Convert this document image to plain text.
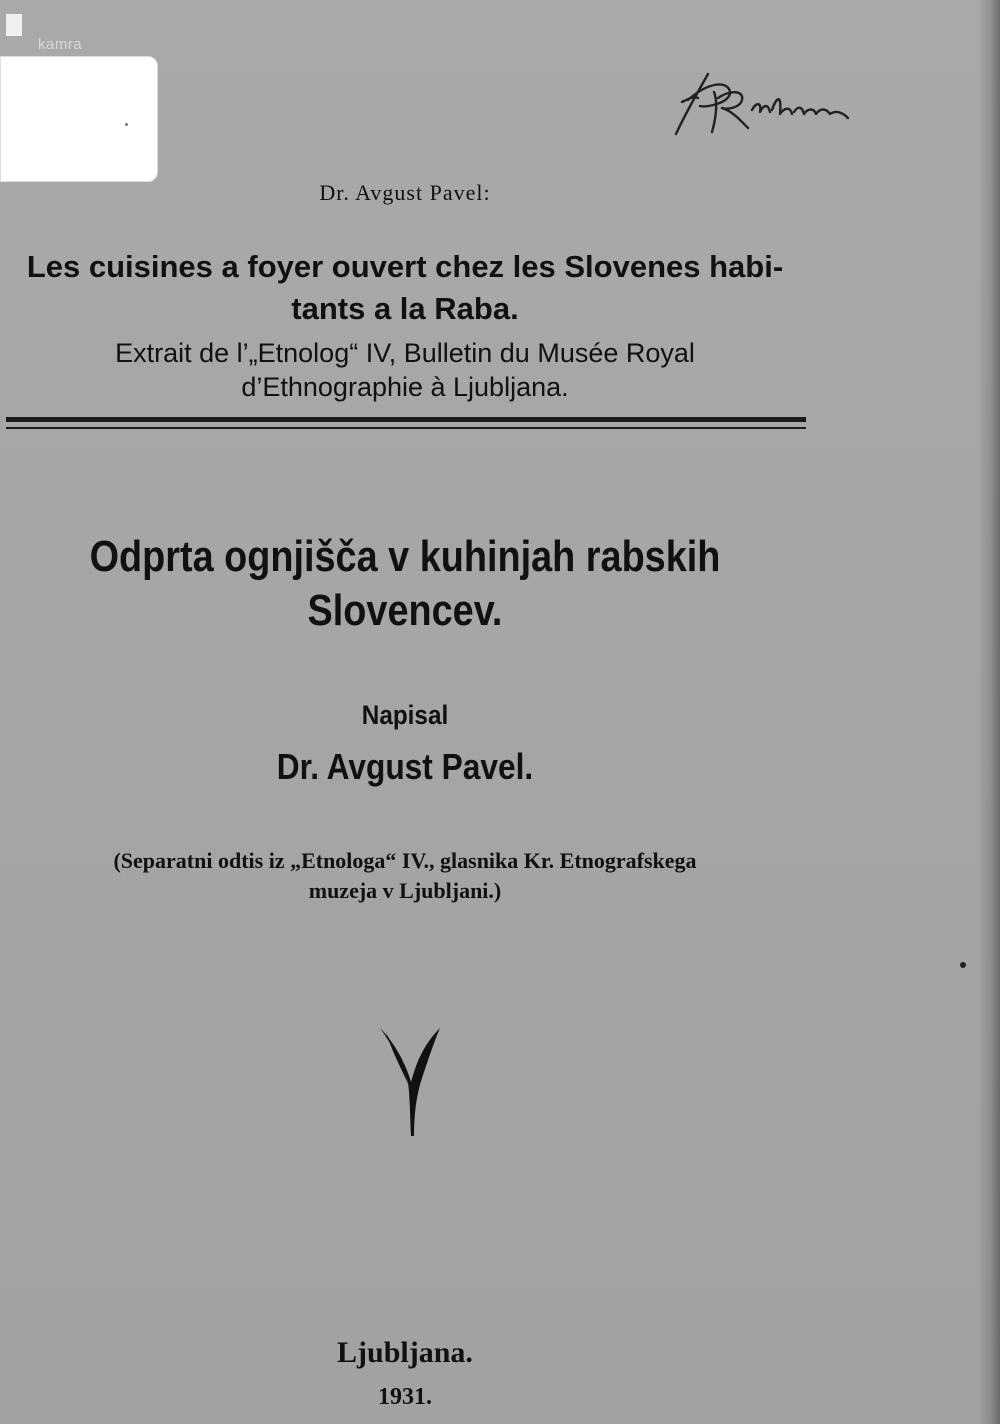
kamra
Dr. Avgust Pavel:
Les cuisines a foyer ouvert chez les Slovenes habi-
tants a la Raba.
Extrait de l’„Etnolog“ IV, Bulletin du Musée Royal
d’Ethnographie à Ljubljana.
Odprta ognjišča v kuhinjah rabskih
Slovencev.
Napisal
Dr. Avgust Pavel.
(Separatni odtis iz „Etnologa“ IV., glasnika Kr. Etnografskega
muzeja v Ljubljani.)
Ljubljana.
1931.
